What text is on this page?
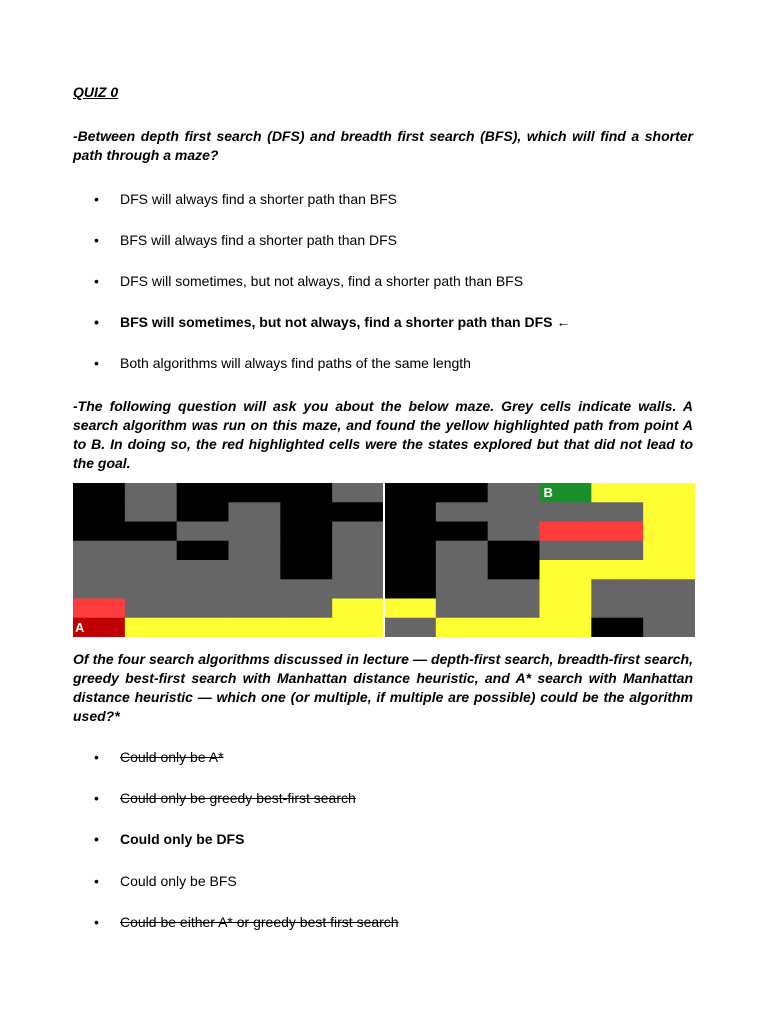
QUIZ 0
-Between depth first search (DFS) and breadth first search (BFS), which will find a shorter path through a maze?
• DFS will always find a shorter path than BFS
• BFS will always find a shorter path than DFS
• DFS will sometimes, but not always, find a shorter path than BFS
• BFS will sometimes, but not always, find a shorter path than DFS ←
• Both algorithms will always find paths of the same length
-The following question will ask you about the below maze. Grey cells indicate walls. A search algorithm was run on this maze, and found the yellow highlighted path from point A to B. In doing so, the red highlighted cells were the states explored but that did not lead to the goal.
A
B
Of the four search algorithms discussed in lecture — depth-first search, breadth-first search, greedy best-first search with Manhattan distance heuristic, and A* search with Manhattan distance heuristic — which one (or multiple, if multiple are possible) could be the algorithm used?*
• Could only be A*
• Could only be greedy best-first search
• Could only be DFS
• Could only be BFS
• Could be either A* or greedy best first search
